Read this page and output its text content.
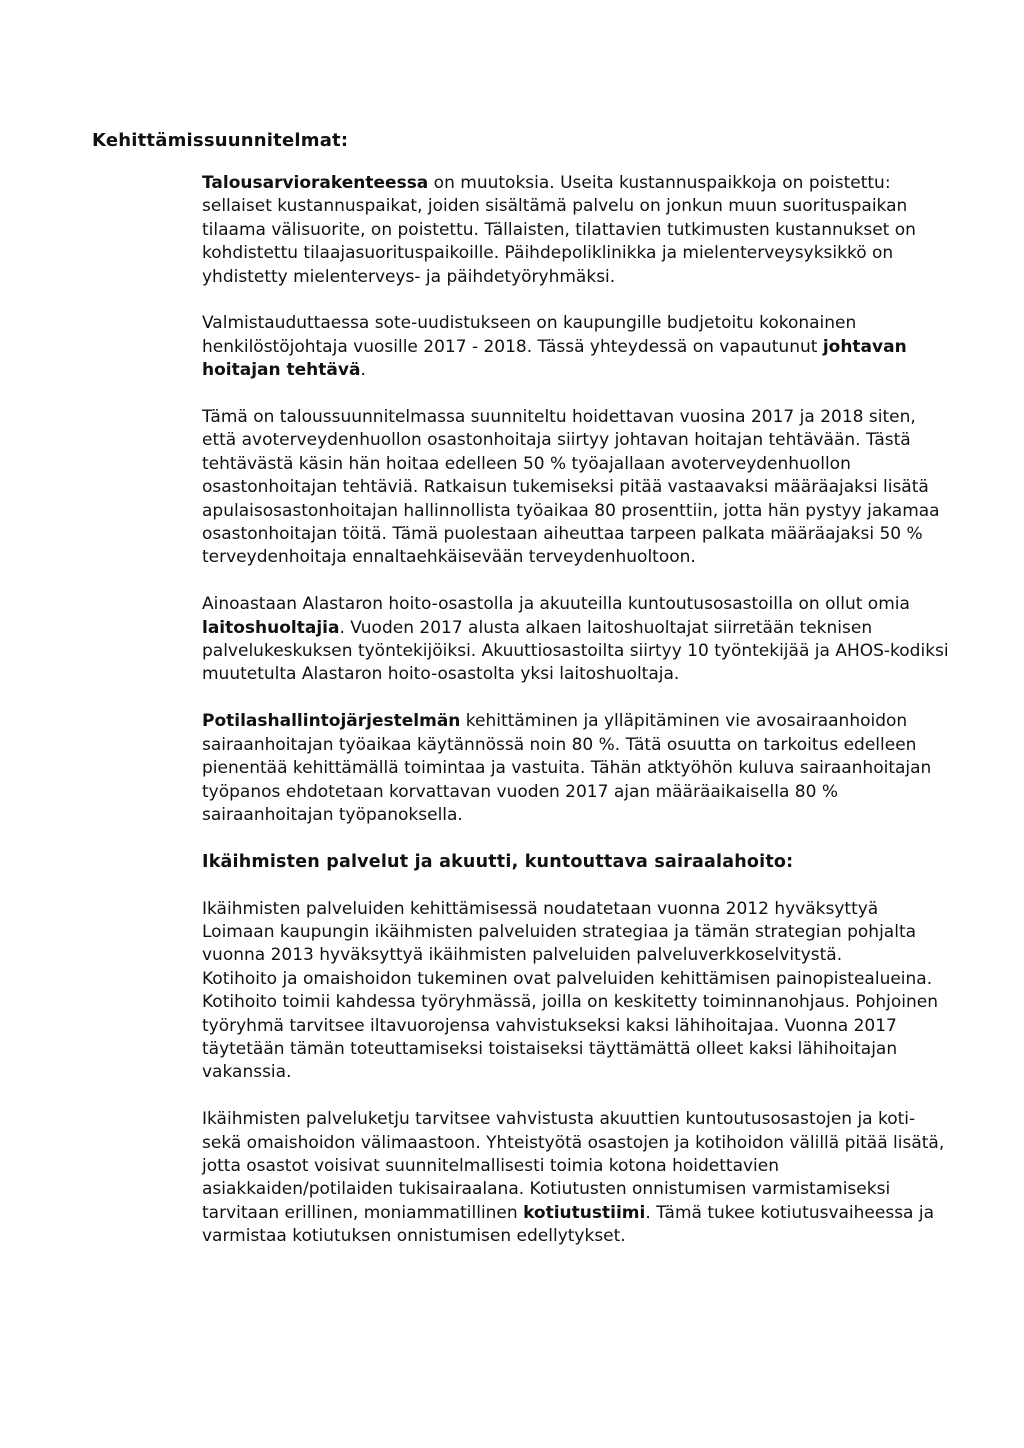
Kehittämissuunnitelmat:

Talousarviorakenteessa on muutoksia. Useita kustannuspaikkoja on poistettu: sellaiset kustannuspaikat, joiden sisältämä palvelu on jonkun muun suorituspaikan tilaama välisuorite, on poistettu. Tällaisten, tilattavien tutkimusten kustannukset on kohdistettu tilaajasuorituspaikoille. Päihdepoliklinikka ja mielenterveysyksikkö on yhdistetty mielenterveys- ja päihdetyöryhmäksi.

Valmistauduttaessa sote-uudistukseen on kaupungille budjetoitu kokonainen henkilöstöjohtaja vuosille 2017 - 2018. Tässä yhteydessä on vapautunut johtavan hoitajan tehtävä.

Tämä on taloussuunnitelmassa suunniteltu hoidettavan vuosina 2017 ja 2018 siten, että avoterveydenhuollon osastonhoitaja siirtyy johtavan hoitajan tehtävään. Tästä tehtävästä käsin hän hoitaa edelleen 50 % työajallaan avoterveydenhuollon osastonhoitajan tehtäviä. Ratkaisun tukemiseksi pitää vastaavaksi määräajaksi lisätä apulaisosastonhoitajan hallinnollista työaikaa 80 prosenttiin, jotta hän pystyy jakamaa osastonhoitajan töitä. Tämä puolestaan aiheuttaa tarpeen palkata määräajaksi 50 % terveydenhoitaja ennaltaehkäisevään terveydenhuoltoon.

Ainoastaan Alastaron hoito-osastolla ja akuuteilla kuntoutusosastoilla on ollut omia laitoshuoltajia. Vuoden 2017 alusta alkaen laitoshuoltajat siirretään teknisen palvelukeskuksen työntekijöiksi. Akuuttiosastoilta siirtyy 10 työntekijää ja AHOS-kodiksi muutetulta Alastaron hoito-osastolta yksi laitoshuoltaja.

Potilashallintojärjestelmän kehittäminen ja ylläpitäminen vie avosairaanhoidon sairaanhoitajan työaikaa käytännössä noin 80 %. Tätä osuutta on tarkoitus edelleen pienentää kehittämällä toimintaa ja vastuita. Tähän atktyöhön kuluva sairaanhoitajan työpanos ehdotetaan korvattavan vuoden 2017 ajan määräaikaisella 80 % sairaanhoitajan työpanoksella.

Ikäihmisten palvelut ja akuutti, kuntouttava sairaalahoito:

Ikäihmisten palveluiden kehittämisessä noudatetaan vuonna 2012 hyväksyttyä Loimaan kaupungin ikäihmisten palveluiden strategiaa ja tämän strategian pohjalta vuonna 2013 hyväksyttyä ikäihmisten palveluiden palveluverkkoselvitystä.
Kotihoito ja omaishoidon tukeminen ovat palveluiden kehittämisen painopistealueina.
Kotihoito toimii kahdessa työryhmässä, joilla on keskitetty toiminnanohjaus. Pohjoinen työryhmä tarvitsee iltavuorojensa vahvistukseksi kaksi lähihoitajaa. Vuonna 2017 täytetään tämän toteuttamiseksi toistaiseksi täyttämättä olleet kaksi lähihoitajan vakanssia.

Ikäihmisten palveluketju tarvitsee vahvistusta akuuttien kuntoutusosastojen ja koti- sekä omaishoidon välimaastoon. Yhteistyötä osastojen ja kotihoidon välillä pitää lisätä, jotta osastot voisivat suunnitelmallisesti toimia kotona hoidettavien asiakkaiden/potilaiden tukisairaalana. Kotiutusten onnistumisen varmistamiseksi tarvitaan erillinen, moniammatillinen kotiutustiimi. Tämä tukee kotiutusvaiheessa ja varmistaa kotiutuksen onnistumisen edellytykset.
